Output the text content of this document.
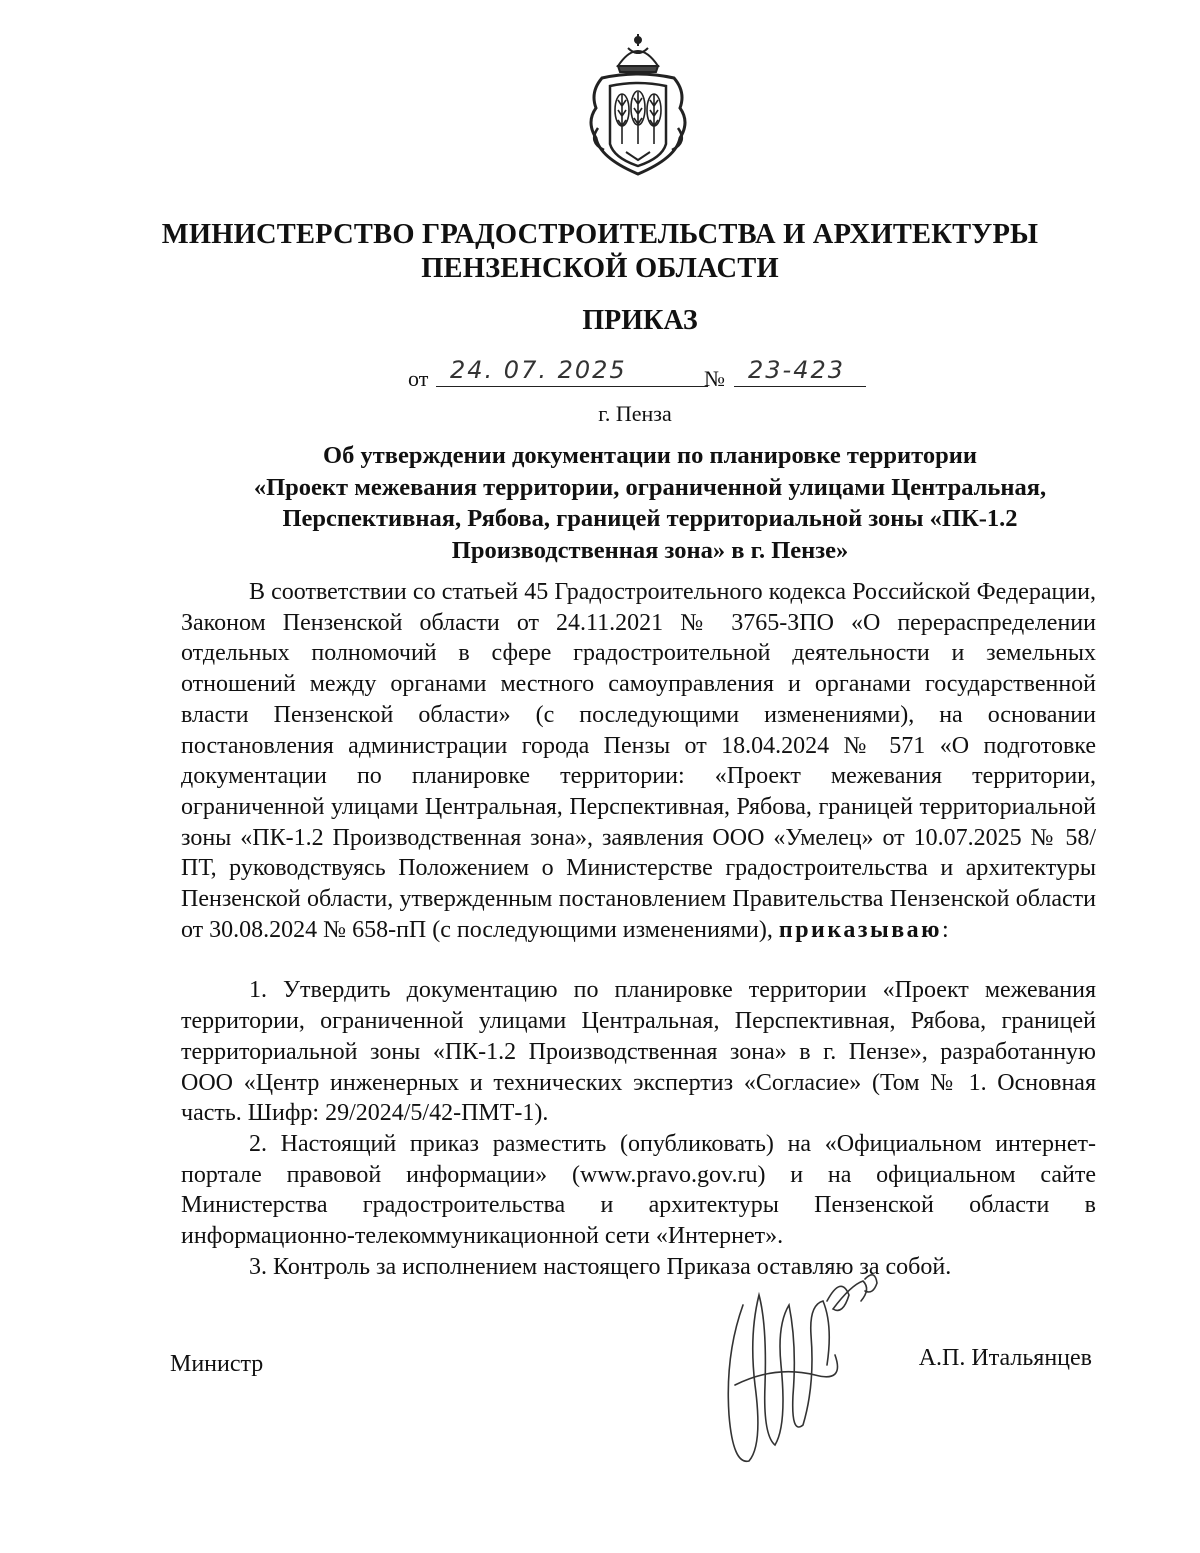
МИНИСТЕРСТВО ГРАДОСТРОИТЕЛЬСТВА И АРХИТЕКТУРЫ
ПЕНЗЕНСКОЙ ОБЛАСТИ
ПРИКАЗ
от 24. 07. 2025	№ 23-423
г. Пенза
Об утверждении документации по планировке территории
«Проект межевания территории, ограниченной улицами Центральная,
Перспективная, Рябова, границей территориальной зоны «ПК-1.2
Производственная зона» в г. Пензе»

В соответствии со статьей 45 Градостроительного кодекса Российской Федерации, Законом Пензенской области от 24.11.2021 № 3765-ЗПО «О перераспределении отдельных полномочий в сфере градостроительной деятельности и земельных отношений между органами местного самоуправления и органами государственной власти Пензенской области» (с последующими изменениями), на основании постановления администрации города Пензы от 18.04.2024 № 571 «О подготовке документации по планировке территории: «Проект межевания территории, ограниченной улицами Центральная, Перспективная, Рябова, границей территориальной зоны «ПК-1.2 Производственная зона», заявления ООО «Умелец» от 10.07.2025 № 58/ПТ, руководствуясь Положением о Министерстве градостроительства и архитектуры Пензенской области, утвержденным постановлением Правительства Пензенской области от 30.08.2024 № 658-пП (с последующими изменениями), приказываю:

1. Утвердить документацию по планировке территории «Проект межевания территории, ограниченной улицами Центральная, Перспективная, Рябова, границей территориальной зоны «ПК-1.2 Производственная зона» в г. Пензе», разработанную ООО «Центр инженерных и технических экспертиз «Согласие» (Том № 1. Основная часть. Шифр: 29/2024/5/42-ПМТ-1).

2. Настоящий приказ разместить (опубликовать) на «Официальном интернет-портале правовой информации» (www.pravo.gov.ru) и на официальном сайте Министерства градостроительства и архитектуры Пензенской области в информационно-телекоммуникационной сети «Интернет».

3. Контроль за исполнением настоящего Приказа оставляю за собой.

Министр	А.П. Итальянцев
